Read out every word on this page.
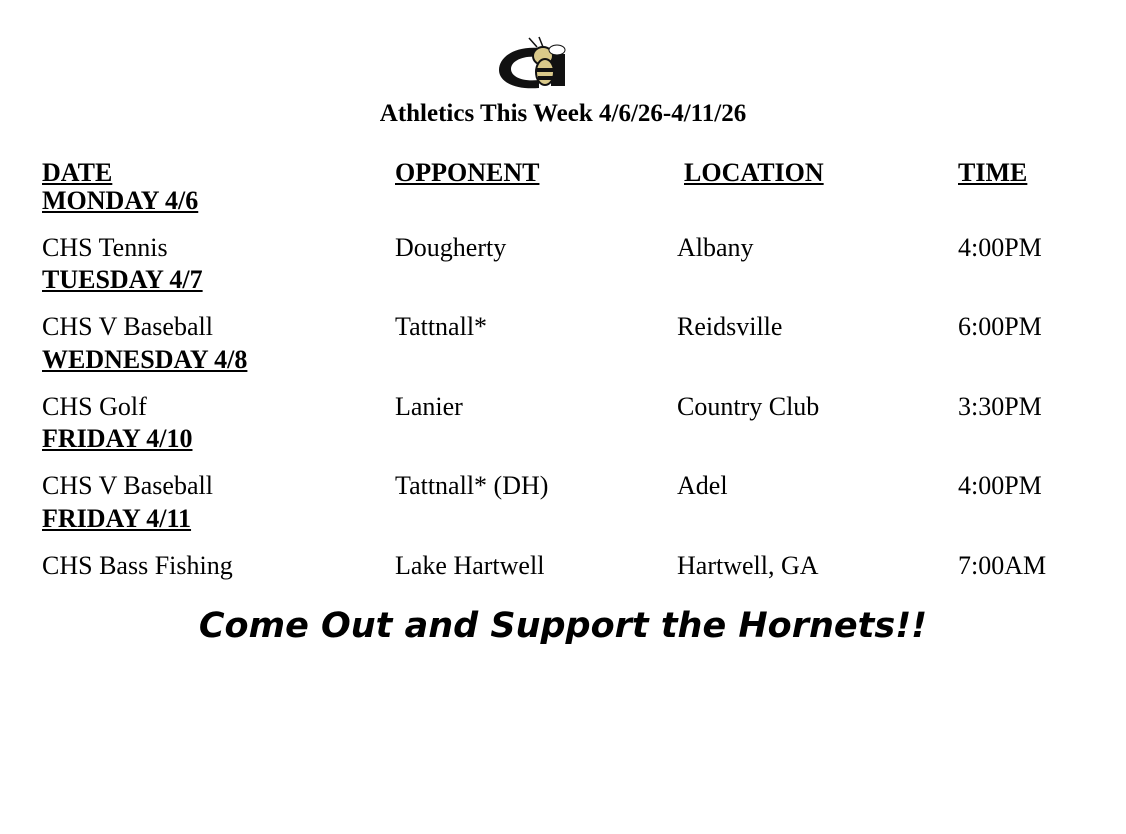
Athletics This Week 4/6/26-4/11/26
DATE	OPPONENT	LOCATION	TIME
MONDAY 4/6
CHS Tennis	Dougherty	Albany	4:00PM
TUESDAY 4/7
CHS V Baseball	Tattnall*	Reidsville	6:00PM
WEDNESDAY 4/8
CHS Golf	Lanier	Country Club	3:30PM
FRIDAY 4/10
CHS V Baseball	Tattnall* (DH)	Adel	4:00PM
FRIDAY 4/11
CHS Bass Fishing	Lake Hartwell	Hartwell, GA	7:00AM
Come Out and Support the Hornets!!
